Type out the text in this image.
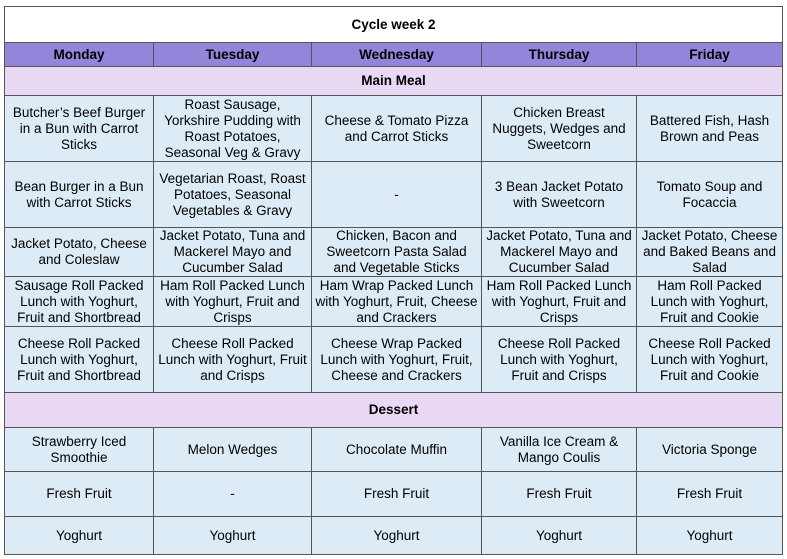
Cycle week 2				
Monday	Tuesday	Wednesday	Thursday	Friday
Main Meal				
Butcher’s Beef Burger in a Bun with Carrot Sticks	Roast Sausage, Yorkshire Pudding with Roast Potatoes, Seasonal Veg & Gravy	Cheese & Tomato Pizza and Carrot Sticks	Chicken Breast Nuggets, Wedges and Sweetcorn	Battered Fish, Hash Brown and Peas
Bean Burger in a Bun with Carrot Sticks	Vegetarian Roast, Roast Potatoes, Seasonal Vegetables & Gravy	-	3 Bean Jacket Potato with Sweetcorn	Tomato Soup and Focaccia
Jacket Potato, Cheese and Coleslaw	Jacket Potato, Tuna and Mackerel Mayo and Cucumber Salad	Chicken, Bacon and Sweetcorn Pasta Salad and Vegetable Sticks	Jacket Potato, Tuna and Mackerel Mayo and Cucumber Salad	Jacket Potato, Cheese and Baked Beans and Salad
Sausage Roll Packed Lunch with Yoghurt, Fruit and Shortbread	Ham Roll Packed Lunch with Yoghurt, Fruit and Crisps	Ham Wrap Packed Lunch with Yoghurt, Fruit, Cheese and Crackers	Ham Roll Packed Lunch with Yoghurt, Fruit and Crisps	Ham Roll Packed Lunch with Yoghurt, Fruit and Cookie
Cheese Roll Packed Lunch with Yoghurt, Fruit and Shortbread	Cheese Roll Packed Lunch with Yoghurt, Fruit and Crisps	Cheese Wrap Packed Lunch with Yoghurt, Fruit, Cheese and Crackers	Cheese Roll Packed Lunch with Yoghurt, Fruit and Crisps	Cheese Roll Packed Lunch with Yoghurt, Fruit and Cookie
Dessert				
Strawberry Iced Smoothie	Melon Wedges	Chocolate Muffin	Vanilla Ice Cream & Mango Coulis	Victoria Sponge
Fresh Fruit	-	Fresh Fruit	Fresh Fruit	Fresh Fruit
Yoghurt	Yoghurt	Yoghurt	Yoghurt	Yoghurt
